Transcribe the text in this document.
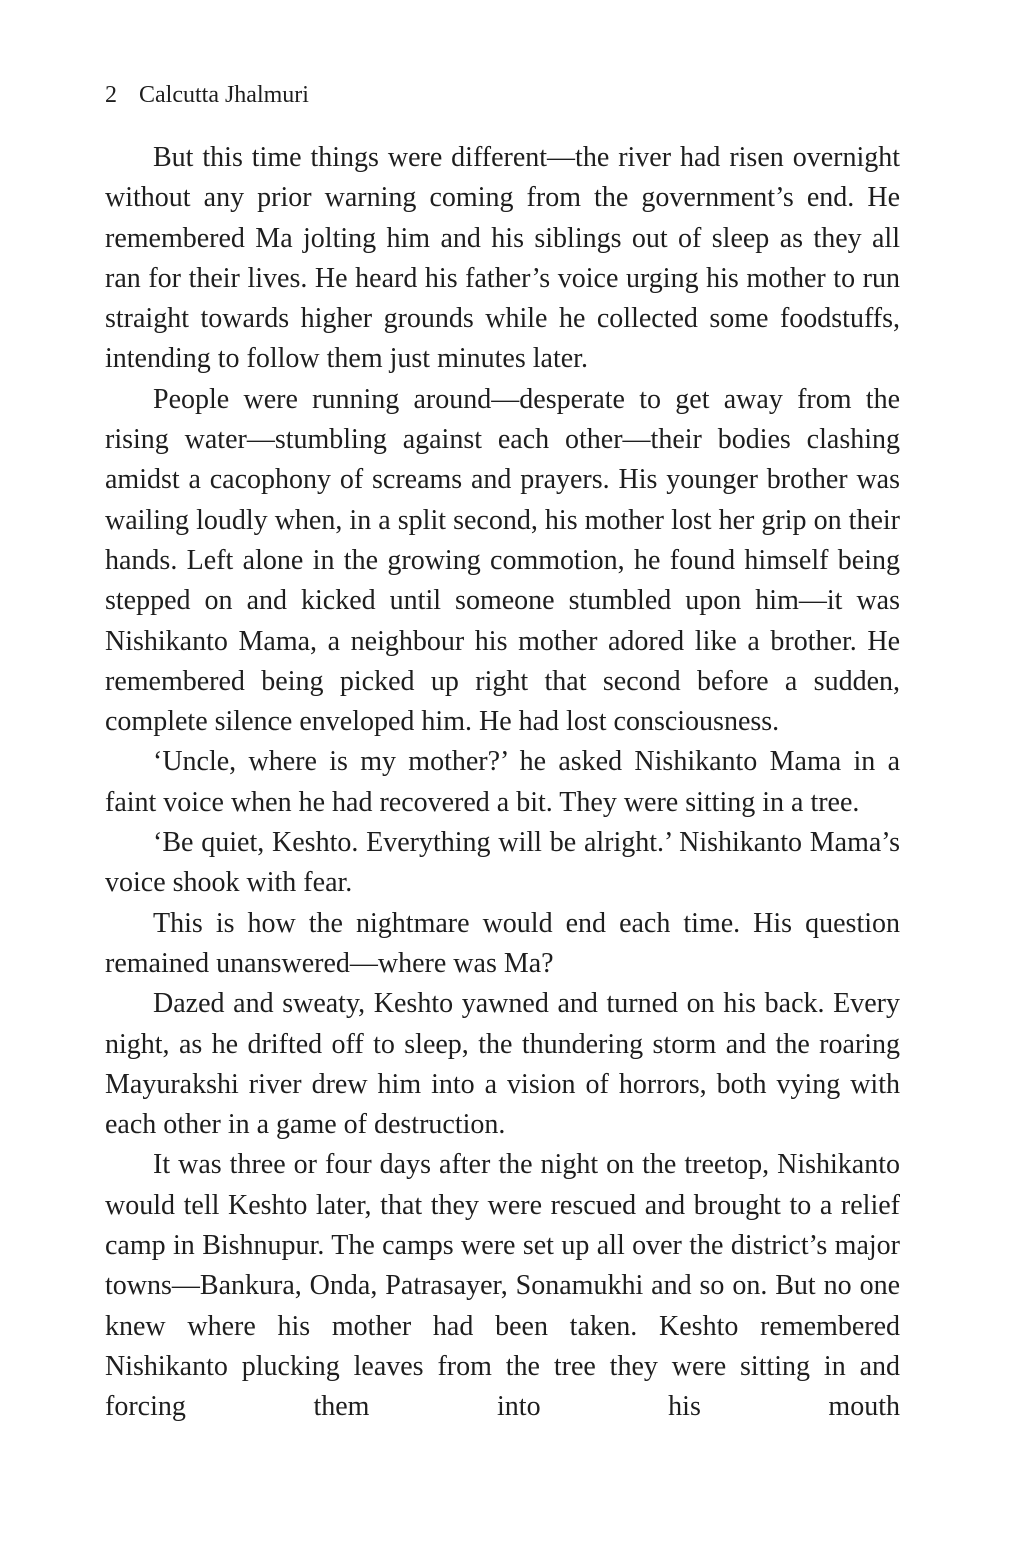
2 Calcutta Jhalmuri

But this time things were different—the river had risen overnight without any prior warning coming from the government’s end. He remembered Ma jolting him and his siblings out of sleep as they all ran for their lives. He heard his father’s voice urging his mother to run straight towards higher grounds while he collected some foodstuffs, intending to follow them just minutes later.

People were running around—desperate to get away from the rising water—stumbling against each other—their bodies clashing amidst a cacophony of screams and prayers. His younger brother was wailing loudly when, in a split second, his mother lost her grip on their hands. Left alone in the growing commotion, he found himself being stepped on and kicked until someone stumbled upon him—it was Nishikanto Mama, a neighbour his mother adored like a brother. He remembered being picked up right that second before a sudden, complete silence enveloped him. He had lost consciousness.

‘Uncle, where is my mother?’ he asked Nishikanto Mama in a faint voice when he had recovered a bit. They were sitting in a tree.

‘Be quiet, Keshto. Everything will be alright.’ Nishikanto Mama’s voice shook with fear.

This is how the nightmare would end each time. His question remained unanswered—where was Ma?

Dazed and sweaty, Keshto yawned and turned on his back. Every night, as he drifted off to sleep, the thundering storm and the roaring Mayurakshi river drew him into a vision of horrors, both vying with each other in a game of destruction.

It was three or four days after the night on the treetop, Nishikanto would tell Keshto later, that they were rescued and brought to a relief camp in Bishnupur. The camps were set up all over the district’s major towns—Bankura, Onda, Patrasayer, Sonamukhi and so on. But no one knew where his mother had been taken. Keshto remembered Nishikanto plucking leaves from the tree they were sitting in and forcing them into his mouth
